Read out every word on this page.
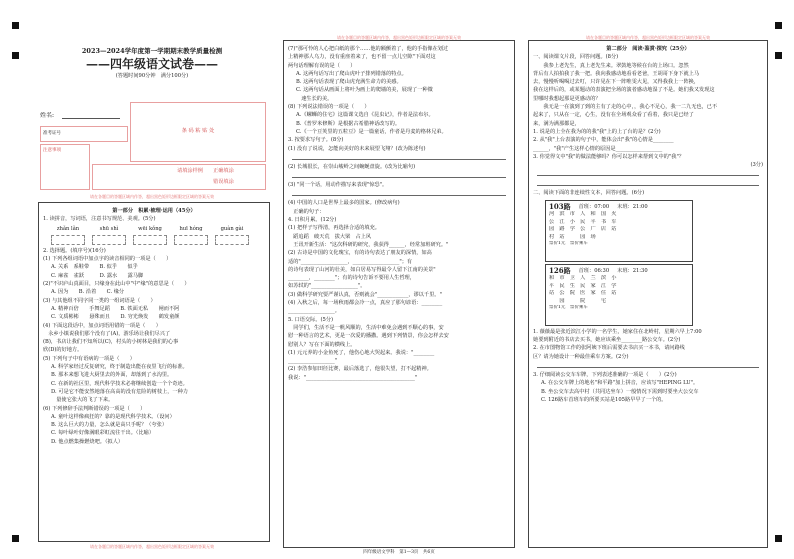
2023—2024学年度第一学期期末教学质量检测
——四年级语文试卷——
(答题时间90分钟　满分100分)
姓名:
条 码 粘 贴 处
准考证号
注意事项
请填涂样例 正确填涂
错误填涂
请在各题目的答题区域内作答，超出黑色矩形边框限定区域的答案无效
第一部分　积累·梳理·运用（45分）
1. 读拼音，写词语，注意书写规范、美观。(5分)
zhǎn lǎn	shū shì	wēi kǒng	huī hóng	guàn gài
2. 选择题。(填序号)(16分)
(1) 下列各组词语中加点字的读音相同的一项是（　　）
A. 关系　系鞋带　　B. 似乎　　似乎
C. 麻雀　雀跃　　　D. 露水　　露马脚
(2)"不识庐山真面目，只缘身在此山中"中"缘"的意思是（　　）
A. 因为　　B. 沿着　　C. 缘分
(3) 与其他组不同字同一类的一组词语是（　　）
A. 精神百倍　　手舞足蹈　　B. 铁面无私　　闸而不阿
C. 文质彬彬　　悬殊而且　　D. 穷光焕发　　鹤发童颜
(4) 下面这段话中，加点词语用错的一项是（　　）
　永乡小镇说我们那个没有了(A)，游乐场让我们尽兴了
(B)，书店让我们不知所以(C)，村头的小树林是我们的心事
欣(D)的好地方。
(5) 下列句子中有语病的一项是（　　）
A. 科学家经过反复研究，终于制造出能在夜里飞行的标准。
B. 那本来想飞进大厨里去的外面，却落到了水沟里。
C. 在新的社区里，现代科学技术必将继续创造一个个奇迹。
D. 可是它不能安然地落在高高的没有危险的树枝上，一种力
　量使它张大的飞了下来。
(6) 下列修辞手法判断错误的一项是（　　）
A. 童叶这样像疯狂的？靠的是现代科学技术。（设问）
B. 这么巨大的力量，怎么就是高只手呢？（夸张）
C. 每叶绿叶好像满眼彩虹流往干出。（比喻）
D. 他点燃集操燃烧吧。（拟人）
请在各题目的答题区域内作答，超出黑色矩形边框限定区域的答案无效
请在各题目的答题区域内作答，超出黑色矩形边框限定区域的答案无效
(7)"那可怜的人心把白纸的那个……他的额颤着了，他的手指像在划过
上精神那人乌力，没有重座着来了，也不留一点儿空隙"下面对这
两句话理解有误的是（　　）
A. 这两句话写出了爬山虎叶子排列错落的特点。
B. 这两句话表现了爬山虎充满生命力的美感。
C. 这两句话从画面上将叶为画上的爬墙的美，展现了一种微
　速生长的美。
(8) 下列说法错误的一项是（　　）
A.《螺蛳的住宅》这篇课文选自《昆虫记》，作者是法布尔。
B.《普罗米修斯》是根据古希腊神话改写的。
C.《一个豆荚里的五粒豆》是一篇童话，作者是丹麦的格林兄弟。
3. 按要求写句子。(8分)
(1) 没有了说说，怎能向美好的未来展望飞翔？(改为陈述句)
(2) 长城很长，在崇山峻岭之间蜿蜒盘旋。(改为比喻句)
(3) "同一个话，用动作描写来表现"惊恐"。
(4) 中国的人口是世界上最多的国家。(修改病句)
　正确的句子：
4. 日积月累。(12分)
(1) 把样子写得清，再选择合适的填充。
　蹈追蹈　破天荒　拔大梁　占上风
　王讯开新生活："这次科研的研究，我获得______，经常加班研究。"
(2) 古诗是中国的文化瑰宝，有的诗句表达了朋友的深情，如高
适的"__________________，__________________"；有
的诗句表现了山河的壮美，如白居易写得最令人留下江南的美景"
________，________"；有的诗句告诉不要用人生哲理，
如苏轼的"__________________"。
(3) 做科学研究要严谨认真，否则就会"____________，谬以千里。"
(4) 入秋之后，每一场秋雨都会冷一点，真应了那句谚语：________
__________________。
5. 口语交际。(5分)
　同学们，生活不是一帆风顺的，生活中难免会遇到不顺心的事，安
慰一种语言的艺术，更是一次爱的播撒。遇到下列情景，你会怎样去安
慰别人？写在下面的横线上。
(1) 元元养的小金鱼死了，他伤心地大哭起来。我说："________
__________________"
(2) 李浩参加田径比赛，最后落选了，他很失望，打不起精神。
我说："__________________________________________"
四年级语文学科　第1—3页　共6页
请在各题目的答题区域内作答，超出黑色矩形边框限定区域的答案无效
第二部分　阅读·鉴赏·探究（25分）
一、阅读课文片段，回答问题。(8分)
　　我参上老先生，真上老先生来。翠鼓地等候在台的上场口。忽然
背后有人拍拍我了我一把。我向我感动地看看老爸，王胡哥下身下就上马
去，慢慢听喝喝过去叮，只许见在下一阵唯雯大见，又得我我上一阵换，
我在这样后的，或某题动的表演把全场的演者感动地湿了不是。她们我又发现这
里哪时我想起那是更感动的？
　　我无是一在演到了到的主有了走的心中，，我心不足心，我一二九无也，已不
起来了，只从在一定，心生，没有在全场观众看了看着，我只是已经了
来，满为满那都是，
1. 说是的上全在我为的的我"我"上的上了台的是？(2分)
2. 从"我"上台表演的句子中，能体会出"我"的心情是________
______，"我"产生这样心情的原因是__________________
3. 你觉得文中"我"的做法能够吗？你可以怎样来帮到文中的"我"？
(3分)
二、阅读下面的非连续性文本，回答问题。(6分)
103路 首班：07:00 末班：21:00
河　滨　市　人　和　国　火
公　江　小　民　平　书　车
园　路　学　公　广　店　站
村　站　　　园　场　　　
票价1元　票价乘车
126路 首班：06:30 末班：21:30
和　市　卫　人　兰　滨　小
平　民　生　民　家　江　学
站　公　院　医　家　住　站
　　园　　　院　　　宅　
票价1元　票价乘车
1. 薇薇最是张近滨江小学的一名学生，她家住在北岭村，星期六早上7:00
她要到附近的书店去买书，她应该乘坐________路公交车。(2分)
2. 在市图物馆工作的张阿姨下班后需要去书店买一本书，请问路线
区？请为她设计一种最佳乘车方案。(2分)
3. 仔细阅读公交车车牌，下列表述准确的一项是（　　）(2分)
A. 在公交车牌上的地名"和平路"加上拼音，应该写"HEPING LU"。
B. 坐公交车去高中村（共同达坐车）一般情况下需到时要坐大公交车
C. 126路车首班车的所要买站是105路早早了一个的。
